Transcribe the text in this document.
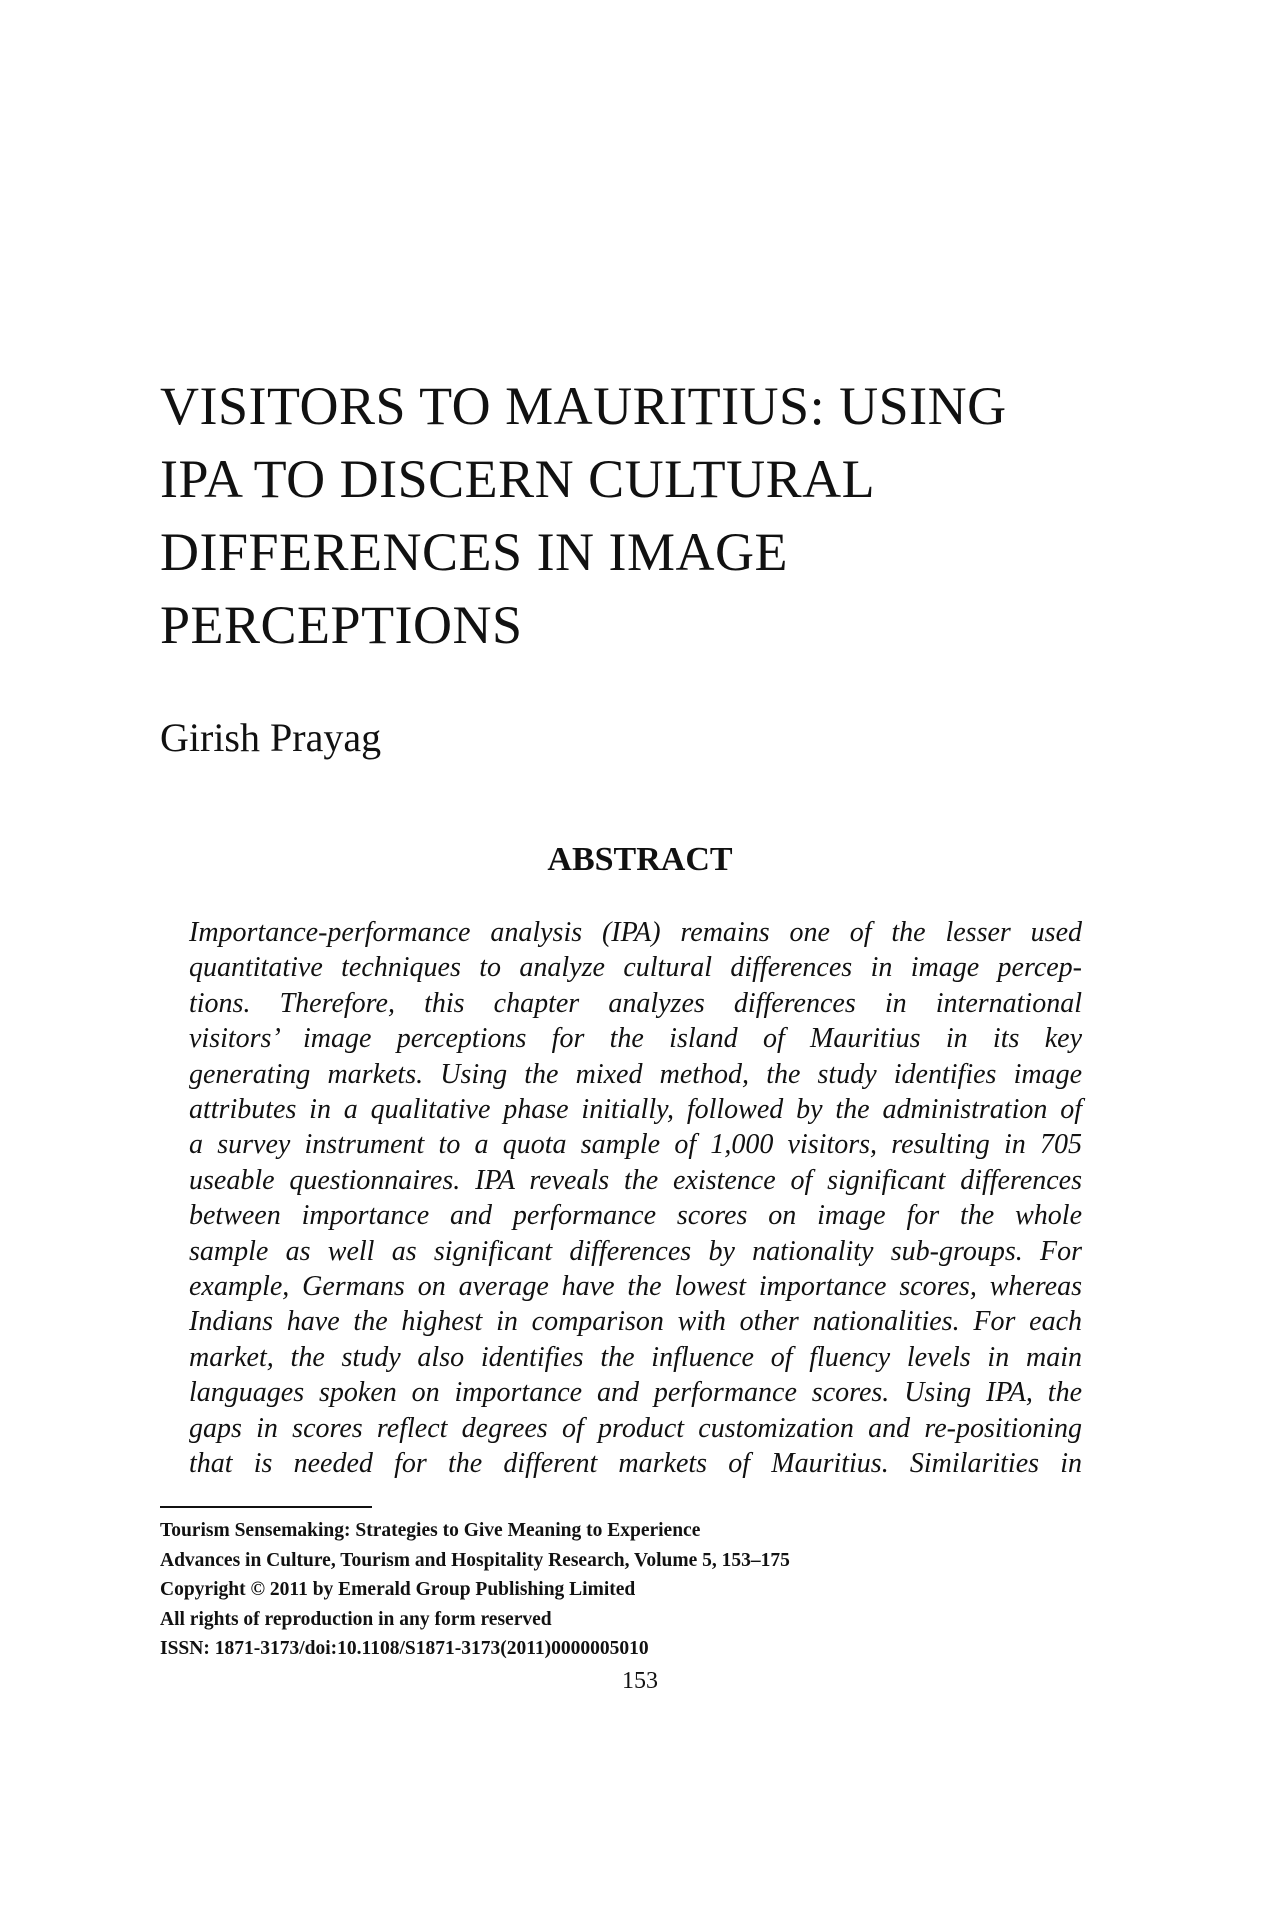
VISITORS TO MAURITIUS: USING
IPA TO DISCERN CULTURAL
DIFFERENCES IN IMAGE
PERCEPTIONS
Girish Prayag
ABSTRACT

Importance-performance analysis (IPA) remains one of the lesser used
quantitative techniques to analyze cultural differences in image percep-
tions. Therefore, this chapter analyzes differences in international
visitors’ image perceptions for the island of Mauritius in its key
generating markets. Using the mixed method, the study identifies image
attributes in a qualitative phase initially, followed by the administration of
a survey instrument to a quota sample of 1,000 visitors, resulting in 705
useable questionnaires. IPA reveals the existence of significant differences
between importance and performance scores on image for the whole
sample as well as significant differences by nationality sub-groups. For
example, Germans on average have the lowest importance scores, whereas
Indians have the highest in comparison with other nationalities. For each
market, the study also identifies the influence of fluency levels in main
languages spoken on importance and performance scores. Using IPA, the
gaps in scores reflect degrees of product customization and re-positioning
that is needed for the different markets of Mauritius. Similarities in

Tourism Sensemaking: Strategies to Give Meaning to Experience
Advances in Culture, Tourism and Hospitality Research, Volume 5, 153–175
Copyright © 2011 by Emerald Group Publishing Limited
All rights of reproduction in any form reserved
ISSN: 1871-3173/doi:10.1108/S1871-3173(2011)0000005010
153
